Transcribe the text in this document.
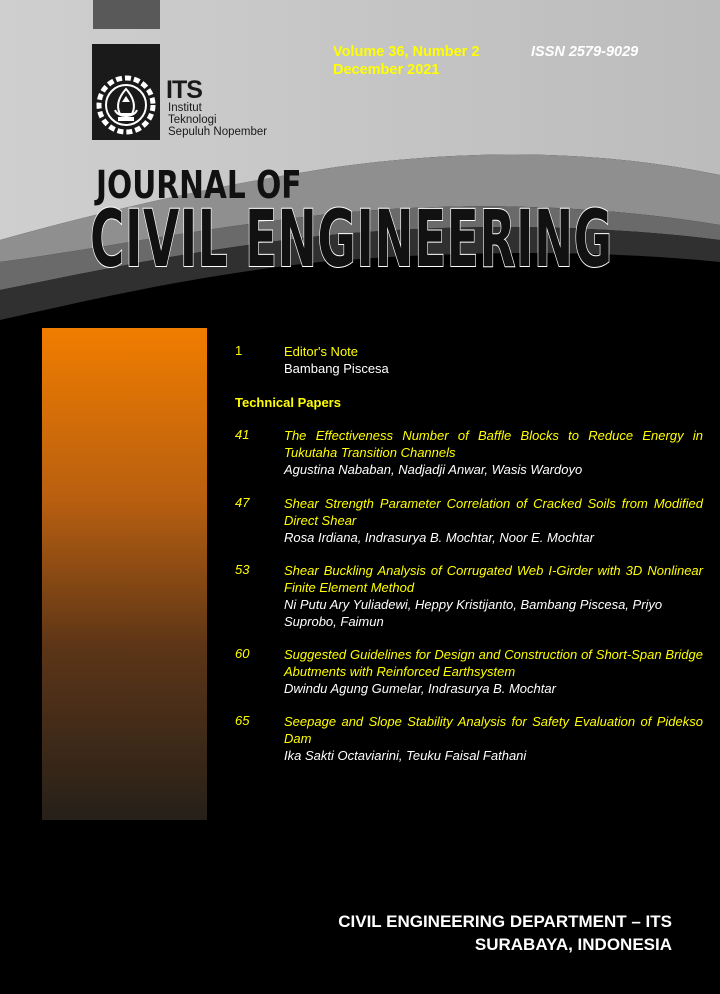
ITS
Institut
Teknologi
Sepuluh Nopember
Volume 36, Number 2
December 2021
ISSN 2579-9029
JOURNAL OF
CIVIL ENGINEERING
1	Editor's Note
Bambang Piscesa
Technical Papers
41	The Effectiveness Number of Baffle Blocks to Reduce Energy in Tukutaha Transition Channels
Agustina Nababan, Nadjadji Anwar, Wasis Wardoyo
47	Shear Strength Parameter Correlation of Cracked Soils from Modified Direct Shear
Rosa Irdiana, Indrasurya B. Mochtar, Noor E. Mochtar
53	Shear Buckling Analysis of Corrugated Web I-Girder with 3D Nonlinear Finite Element Method
Ni Putu Ary Yuliadewi, Heppy Kristijanto, Bambang Piscesa, Priyo Suprobo, Faimun
60	Suggested Guidelines for Design and Construction of Short-Span Bridge Abutments with Reinforced Earthsystem
Dwindu Agung Gumelar, Indrasurya B. Mochtar
65	Seepage and Slope Stability Analysis for Safety Evaluation of Pidekso Dam
Ika Sakti Octaviarini, Teuku Faisal Fathani
CIVIL ENGINEERING DEPARTMENT – ITS
SURABAYA, INDONESIA
